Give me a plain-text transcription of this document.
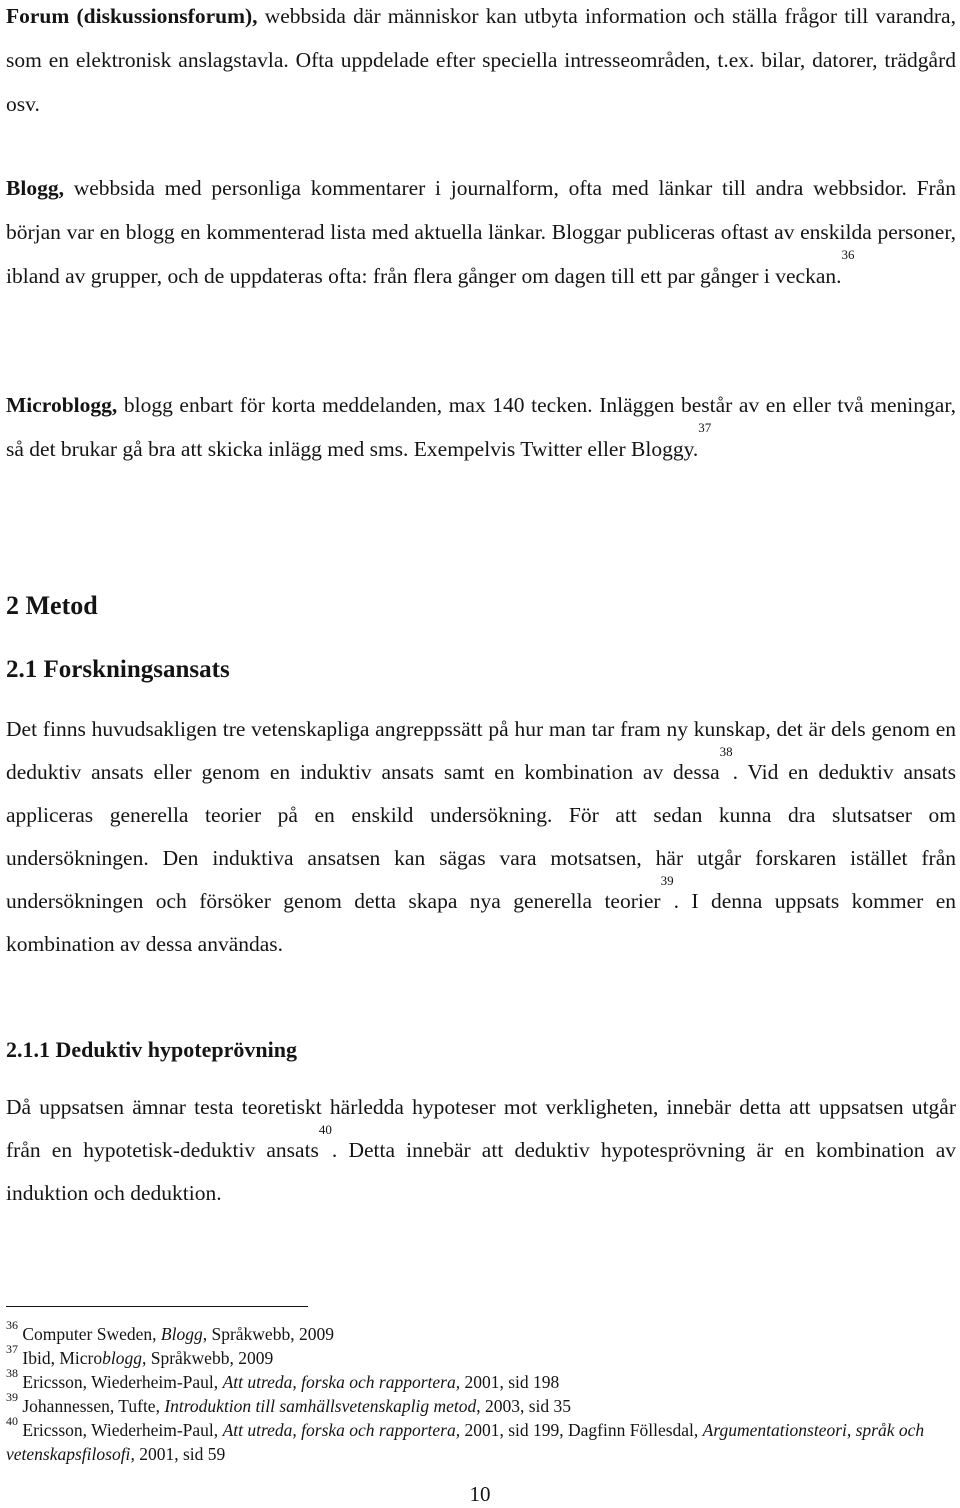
Forum (diskussionsforum), webbsida där människor kan utbyta information och ställa frågor till varandra, som en elektronisk anslagstavla. Ofta uppdelade efter speciella intresseområden, t.ex. bilar, datorer, trädgård osv.

Blogg, webbsida med personliga kommentarer i journalform, ofta med länkar till andra webbsidor. Från början var en blogg en kommenterad lista med aktuella länkar. Bloggar publiceras oftast av enskilda personer, ibland av grupper, och de uppdateras ofta: från flera gånger om dagen till ett par gånger i veckan.$^{36}$

Microblogg, blogg enbart för korta meddelanden, max 140 tecken. Inläggen består av en eller två meningar, så det brukar gå bra att skicka inlägg med sms. Exempelvis Twitter eller Bloggy.$^{37}$

2 Metod
2.1 Forskningsansats

Det finns huvudsakligen tre vetenskapliga angreppssätt på hur man tar fram ny kunskap, det är dels genom en deduktiv ansats eller genom en induktiv ansats samt en kombination av dessa$^{38}$. Vid en deduktiv ansats appliceras generella teorier på en enskild undersökning. För att sedan kunna dra slutsatser om undersökningen. Den induktiva ansatsen kan sägas vara motsatsen, här utgår forskaren istället från undersökningen och försöker genom detta skapa nya generella teorier$^{39}$. I denna uppsats kommer en kombination av dessa användas.

2.1.1 Deduktiv hypoteprövning

Då uppsatsen ämnar testa teoretiskt härledda hypoteser mot verkligheten, innebär detta att uppsatsen utgår från en hypotetisk-deduktiv ansats$^{40}$. Detta innebär att deduktiv hypotesprövning är en kombination av induktion och deduktion.

$^{36}$ Computer Sweden, Blogg, Språkwebb, 2009
$^{37}$ Ibid, Microblogg, Språkwebb, 2009
$^{38}$ Ericsson, Wiederheim-Paul, Att utreda, forska och rapportera, 2001, sid 198
$^{39}$ Johannessen, Tufte, Introduktion till samhällsvetenskaplig metod, 2003, sid 35
$^{40}$ Ericsson, Wiederheim-Paul, Att utreda, forska och rapportera, 2001, sid 199, Dagfinn Föllesdal, Argumentationsteori, språk och vetenskapsfilosofi, 2001, sid 59
10
